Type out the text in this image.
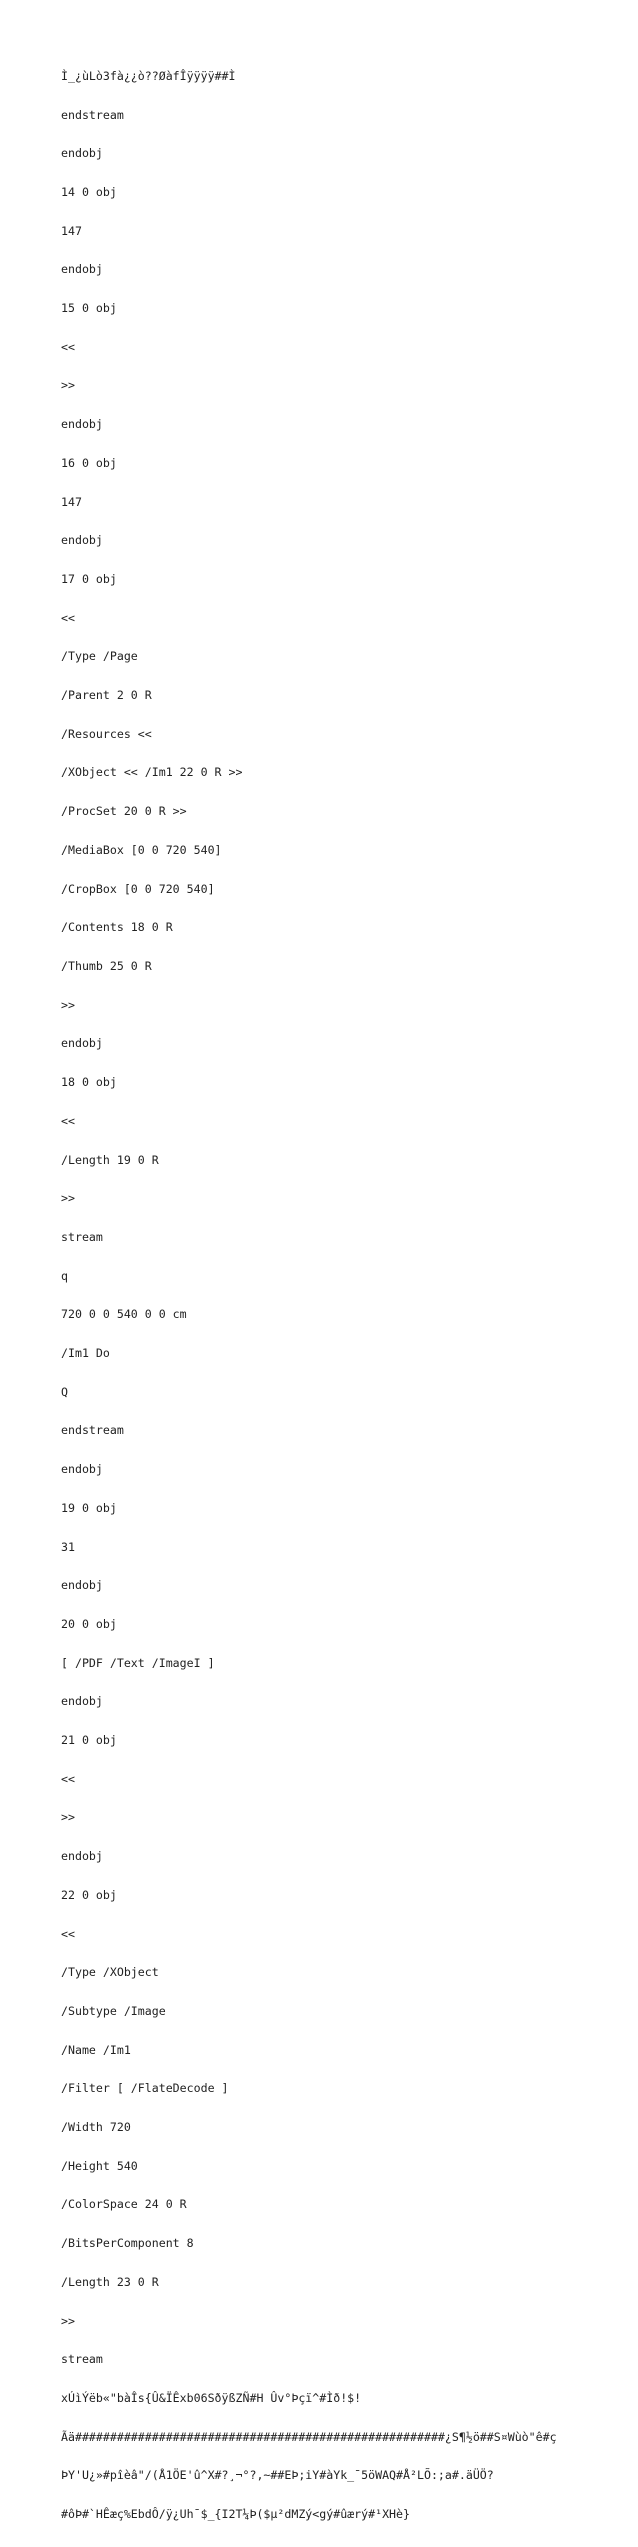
Ì_¿ùLò3fà¿¿ò??ØàfÎÿÿÿÿ##Ì

endstream

endobj

14 0 obj

147

endobj

15 0 obj

<<

>>

endobj

16 0 obj

147

endobj

17 0 obj

<<

/Type /Page

/Parent 2 0 R

/Resources <<

/XObject << /Im1 22 0 R >>

/ProcSet 20 0 R >>

/MediaBox [0 0 720 540]

/CropBox [0 0 720 540]

/Contents 18 0 R

/Thumb 25 0 R

>>

endobj

18 0 obj

<<

/Length 19 0 R

>>

stream

q

720 0 0 540 0 0 cm

/Im1 Do

Q

endstream

endobj

19 0 obj

31

endobj

20 0 obj

[ /PDF /Text /ImageI ]

endobj

21 0 obj

<<

>>

endobj

22 0 obj

<<

/Type /XObject

/Subtype /Image

/Name /Im1

/Filter [ /FlateDecode ]

/Width 720

/Height 540

/ColorSpace 24 0 R

/BitsPerComponent 8

/Length 23 0 R

>>

stream

xÚìÝëb«"bàÎs{Û&ÏÊxb06SðÿßZÑ#H Ûv°Þçï^#Ìð!$!

Ãä#####################################################¿S¶½ö##S¤Wùò"ê#ç

ÞY'U¿»#pîèâ"/(Å1ÖE'û^X#?¸¬°?,~##EÞ;iY#àYk_¯5öWAQ#Å²LÕ:;a#.äÜÖ?

#ôÞ#`HÊæç%EbdÔ/ÿ¿Uh¯$_{I2T¼Þ($µ²dMZý<gý#ûærý#¹XHè}
